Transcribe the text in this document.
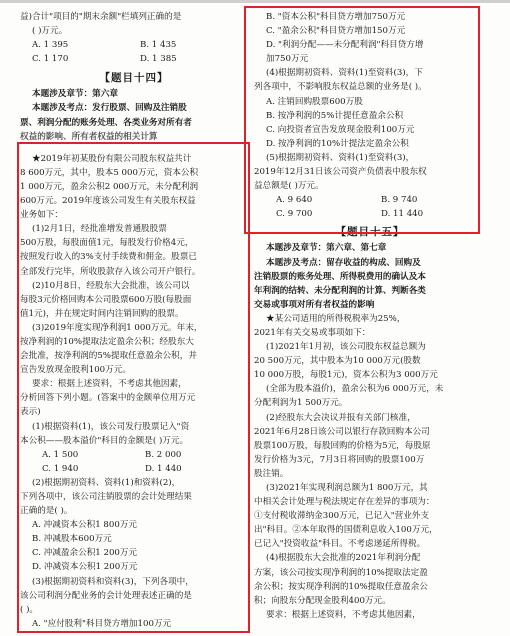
益)合计"项目的"期末余额"栏填列正确的是
( )万元。
A. 1 395	B. 1 435
C. 1 170	D. 1 385
【题目十四】
本题涉及章节：第六章
本题涉及考点：发行股票、回购及注销股
票、利润分配的账务处理、各类业务对所有者
权益的影响、所有者权益的相关计算
★2019年初某股份有限公司股东权益共计
8 600万元，其中，股本5 000万元，资本公积
1 000万元，盈余公积2 000万元，未分配利润
600万元。2019年度该公司发生有关股东权益
业务如下：
(1)2月1日，经批准增发普通股股票
500万股，每股面值1元，每股发行价格4元，
按照发行收入的3%支付手续费和佣金。股票已
全部发行完毕，所收股款存入该公司开户银行。
(2)10月8日，经股东大会批准，该公司以
每股3元价格回购本公司股票600万股(每股面
值1元)，并在规定时间内注销回购的股票。
(3)2019年度实现净利润1 000万元。年末，
按净利润的10%提取法定盈余公积；经股东大
会批准，按净利润的5%提取任意盈余公积，并
宣告发放现金股利100万元。
要求：根据上述资料，不考虑其他因素，
分析回答下列小题。(答案中的金额单位用万元
表示)
(1)根据资料(1)，该公司发行股票记入"资
本公积——股本溢价"科目的金额是( )万元。
A. 1 500	B. 2 000
C. 1 940	D. 1 440
(2)根据期初资料、资料(1)和资料(2)，
下列各项中，该公司注销股票的会计处理结果
正确的是( )。
A. 冲减资本公积1 800万元
B. 冲减股本600万元
C. 冲减盈余公积1 200万元
D. 冲减资本公积1 200万元
(3)根据期初资料和资料(3)，下列各项中，
该公司利润分配业务的会计处理表述正确的是
( )。
A. "应付股利"科目贷方增加100万元
B. "资本公积"科目贷方增加750万元
C. "盈余公积"科目贷方增加150万元
D. "利润分配——未分配利润"科目贷方增
加750万元
(4)根据期初资料、资料(1)至资料(3)，下
列各项中，不影响股东权益总额的业务是( )。
A. 注销回购股票600万股
B. 按净利润的5%计提任意盈余公积
C. 向投资者宣告发放现金股利100万元
D. 按净利润的10%计提法定盈余公积
(5)根据期初资料、资料(1)至资料(3)，
2019年12月31日该公司资产负债表中股东权
益总额是( )万元。
A. 9 640	B. 9 740
C. 9 700	D. 11 440
【题目十五】
本题涉及章节：第六章、第七章
本题涉及考点：留存收益的构成、回购及
注销股票的账务处理、所得税费用的确认及本
年利润的结转、未分配利润的计算、判断各类
交易或事项对所有者权益的影响
★某公司适用的所得税税率为25%，
2021年有关交易或事项如下：
(1)2021年1月初，该公司股东权益总额为
20 500万元，其中股本为10 000万元(股数
10 000万股，每股1元)，资本公积为3 000万元
(全部为股本溢价)，盈余公积为6 000万元，未
分配利润为1 500万元。
(2)经股东大会决议并报有关部门核准，
2021年6月28日该公司以银行存款回购本公司
股票100万股，每股回购的价格为5元，每股原
发行价格为3元，7月3日将回购的股票100万
股注销。
(3)2021年实现利润总额为1 800万元，其
中相关会计处理与税法规定存在差异的事项为：
①支付税收滞纳金300万元，已记入"营业外支
出"科目。②本年取得的国债利息收入100万元，
已记入"投资收益"科目。不考虑递延所得税。
(4)根据股东大会批准的2021年利润分配
方案，该公司按实现净利润的10%提取法定盈
余公积；按实现净利润的10%提取任意盈余公
积；向股东分配现金股利400万元。
要求：根据上述资料，不考虑其他因素，
